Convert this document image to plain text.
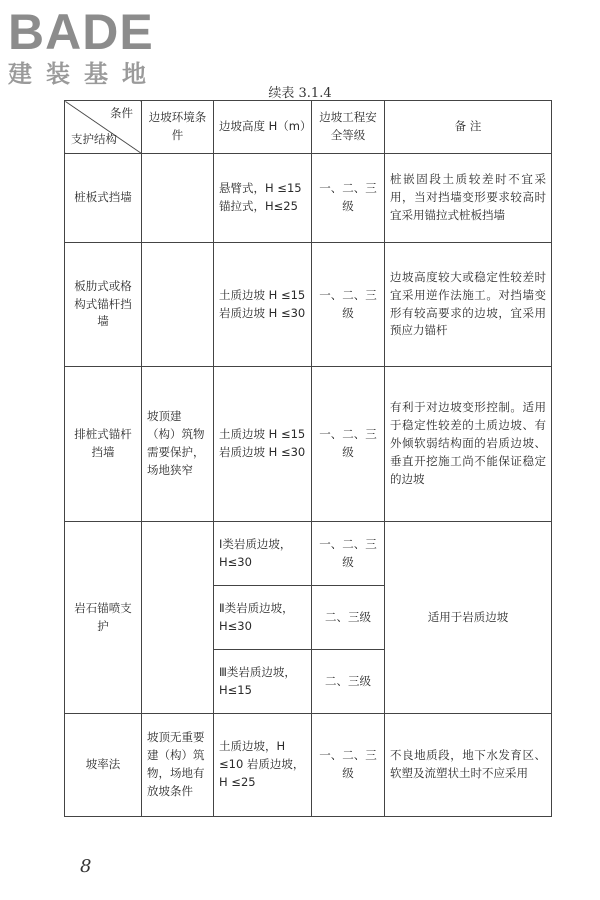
BADE
建装基地
续表 3.1.4
条件
支护结构	边坡环境条件	边坡高度 H（m）	边坡工程安全等级	备 注
桩板式挡墙		悬臂式，H ≤15 锚拉式，H≤25	一、二、三级	桩嵌固段土质较差时不宜采用，当对挡墙变形要求较高时宜采用锚拉式桩板挡墙
板肋式或格构式锚杆挡墙		土质边坡 H ≤15 岩质边坡 H ≤30	一、二、三级	边坡高度较大或稳定性较差时宜采用逆作法施工。对挡墙变形有较高要求的边坡，宜采用预应力锚杆
排桩式锚杆挡墙	坡顶建（构）筑物需要保护，场地狭窄	土质边坡 H ≤15 岩质边坡 H ≤30	一、二、三级	有利于对边坡变形控制。适用于稳定性较差的土质边坡、有外倾软弱结构面的岩质边坡、垂直开挖施工尚不能保证稳定的边坡
岩石锚喷支护		Ⅰ类岩质边坡，H≤30	一、二、三级	适用于岩质边坡
		Ⅱ类岩质边坡，H≤30	二、三级	
		Ⅲ类岩质边坡，H≤15	二、三级	
坡率法	坡顶无重要建（构）筑物，场地有放坡条件	土质边坡，H ≤10 岩质边坡，H ≤25	一、二、三级	不良地质段，地下水发育区、软塑及流塑状土时不应采用
8
